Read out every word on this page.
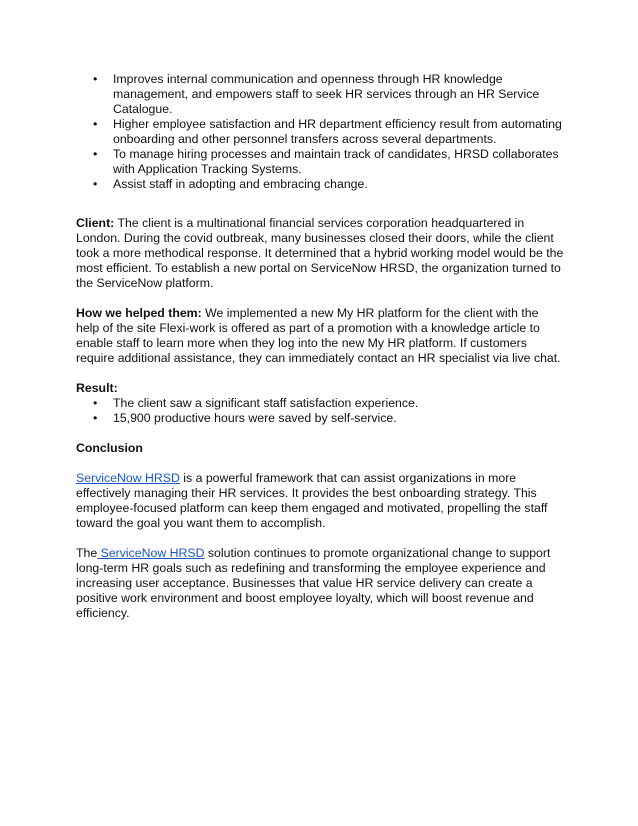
• Improves internal communication and openness through HR knowledge management, and empowers staff to seek HR services through an HR Service Catalogue.
• Higher employee satisfaction and HR department efficiency result from automating onboarding and other personnel transfers across several departments.
• To manage hiring processes and maintain track of candidates, HRSD collaborates with Application Tracking Systems.
• Assist staff in adopting and embracing change.

Client: The client is a multinational financial services corporation headquartered in London. During the covid outbreak, many businesses closed their doors, while the client took a more methodical response. It determined that a hybrid working model would be the most efficient. To establish a new portal on ServiceNow HRSD, the organization turned to the ServiceNow platform.

How we helped them: We implemented a new My HR platform for the client with the help of the site Flexi-work is offered as part of a promotion with a knowledge article to enable staff to learn more when they log into the new My HR platform. If customers require additional assistance, they can immediately contact an HR specialist via live chat.

Result:

• The client saw a significant staff satisfaction experience.
• 15,900 productive hours were saved by self-service.

Conclusion

ServiceNow HRSD is a powerful framework that can assist organizations in more effectively managing their HR services. It provides the best onboarding strategy. This employee-focused platform can keep them engaged and motivated, propelling the staff toward the goal you want them to accomplish.

The ServiceNow HRSD solution continues to promote organizational change to support long-term HR goals such as redefining and transforming the employee experience and increasing user acceptance. Businesses that value HR service delivery can create a positive work environment and boost employee loyalty, which will boost revenue and efficiency.
